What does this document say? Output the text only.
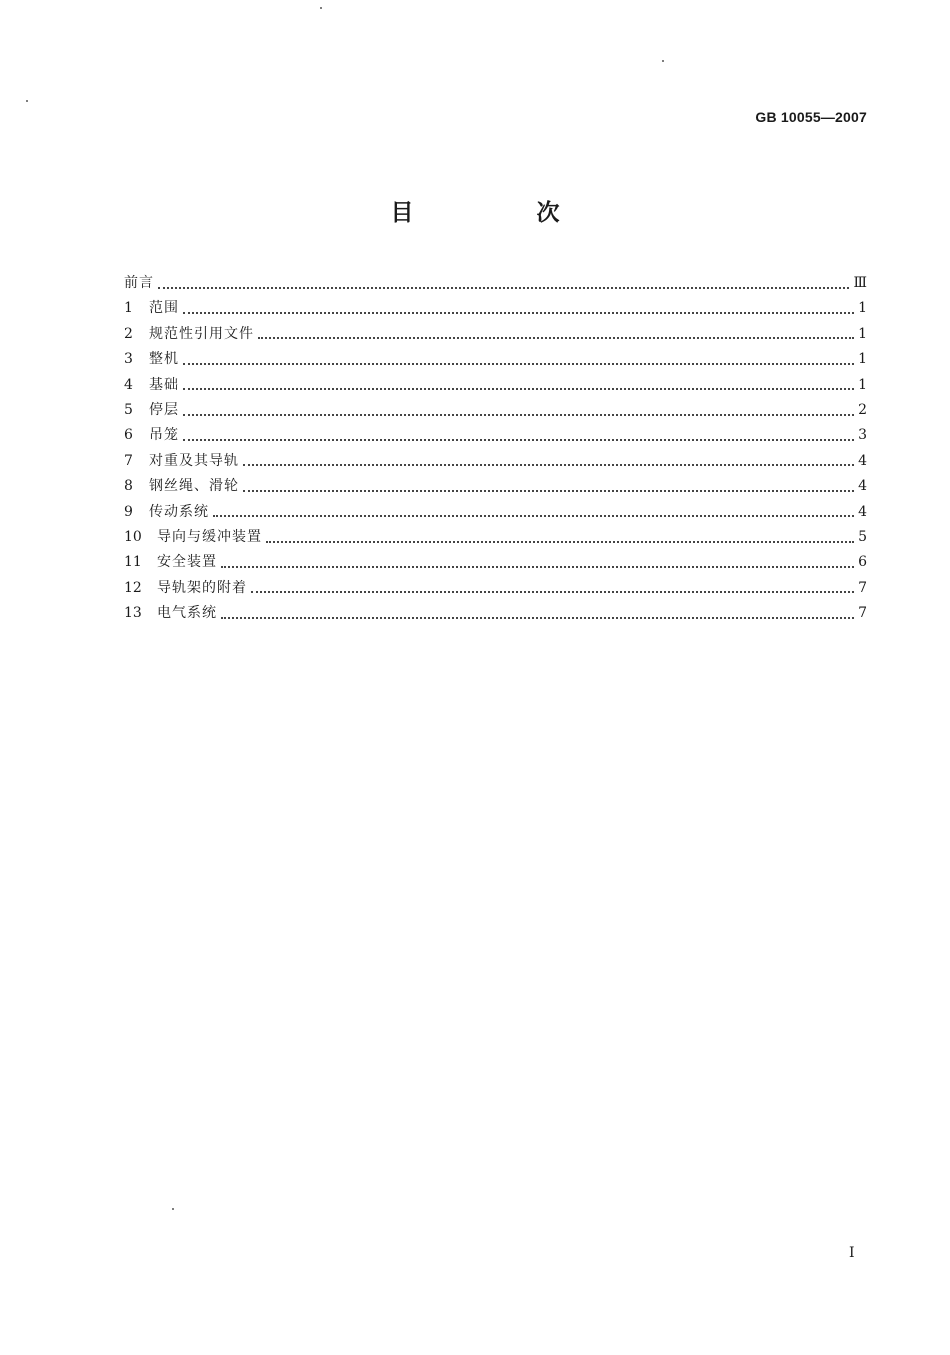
GB 10055—2007
目　次
前言	Ⅲ
1	范围	1
2	规范性引用文件	1
3	整机	1
4	基础	1
5	停层	2
6	吊笼	3
7	对重及其导轨	4
8	钢丝绳、滑轮	4
9	传动系统	4
10	导向与缓冲装置	5
11	安全装置	6
12	导轨架的附着	7
13	电气系统	7
I
